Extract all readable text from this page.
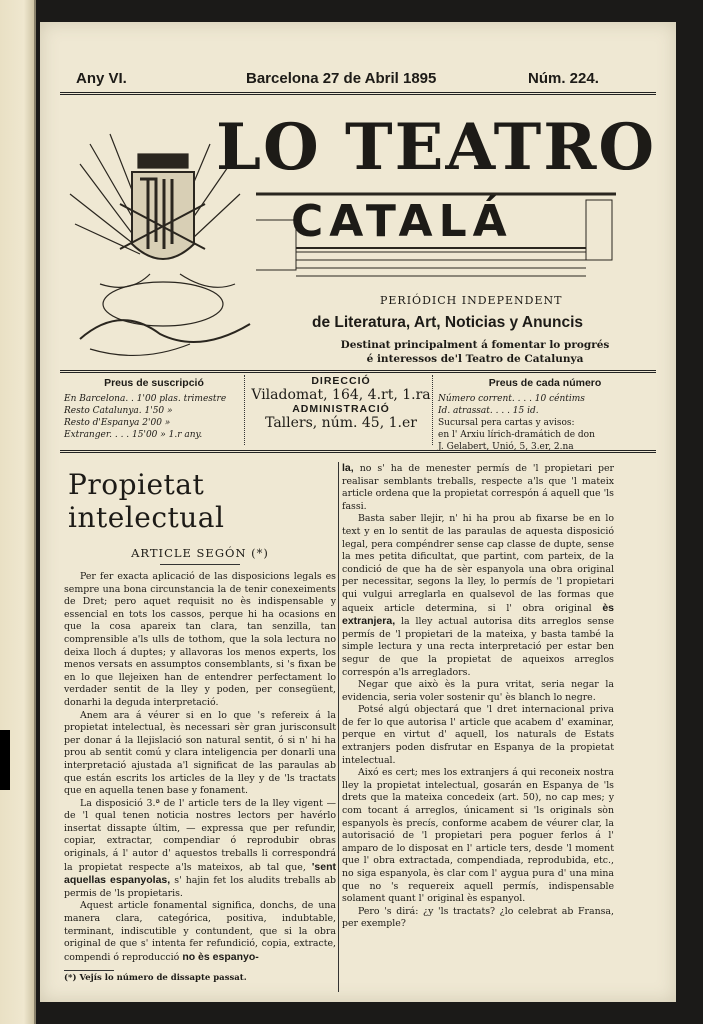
Any VI.	Barcelona 27 de Abril 1895	Núm. 224.
LO TEATRO
CATALÁ
PERIÓDICH INDEPENDENT
de Literatura, Art, Noticias y Anuncis
Destinat principalment á fomentar lo progrés é interessos de'l Teatro de Catalunya
Preus de suscripció
En Barcelona. . 1'00 plas. trimestre
Resto Catalunya. 1'50 »
Resto d'Espanya 2'00 »
Extranger. . . . 15'00 » 1.r any.
DIRECCIÓ
Viladomat, 164, 4.rt, 1.ra
ADMINISTRACIÓ
Tallers, núm. 45, 1.er
Preus de cada número
Número corrent. . . . 10 céntims
Id. atrassat. . . . 15 id.
Sucursal pera cartas y avisos:
en l' Arxiu lírich-dramátich de don
J. Gelabert, Unió, 5, 3.er, 2.na
Propietat intelectual
ARTICLE SEGÓN (*)

Per fer exacta aplicació de las disposicions legals es sempre una bona circunstancia la de tenir conexeiments de Dret; pero aquet requisit no ès indispensable y essencial en tots los cassos, perque hi ha ocasions en que la cosa apareix tan clara, tan senzilla, tan comprensible a'ls ulls de tothom, que la sola lectura no deixa lloch á duptes; y allavoras los menos experts, los menos versats en assumptos consemblants, si 's fixan be en lo que llejeixen han de entendrer perfectament lo verdader sentit de la lley y poden, per consegüent, donarhi la deguda interpretació.

Anem ara á véurer si en lo que 's refereix á la propietat intelectual, ès necessari sèr gran jurisconsult per donar á la llejislació son natural sentit, ó si n' hi ha prou ab sentit comú y clara inteligencia per donarli una interpretació ajustada a'l significat de las paraulas ab que están escrits los articles de la lley y de 'ls tractats que en aquella tenen base y fonament.

La disposició 3.ª de l' article ters de la lley vigent — de 'l qual tenen noticia nostres lectors per havérlo insertat dissapte últim, — expressa que per refundir, copiar, extractar, compendiar ó reprodubir obras originals, á l' autor d' aquestos treballs li correspondrá la propietat respecte a'ls mateixos, ab tal que, 'sent aquellas espanyolas, s' hajin fet los aludits treballs ab permis de 'ls propietaris.

Aquest article fonamental significa, donchs, de una manera clara, categórica, positiva, indubtable, terminant, indiscutible y contundent, que si la obra original de que s' intenta fer refundició, copia, extracte, compendi ó reproducció no ès espanyo-

(*) Vejís lo número de dissapte passat.

la, no s' ha de menester permís de 'l propietari per realisar semblants treballs, respecte a'ls que 'l mateix article ordena que la propietat correspón á aquell que 'ls fassi.

Basta saber llejir, n' hi ha prou ab fixarse be en lo text y en lo sentit de las paraulas de aquesta disposició legal, pera compéndrer sense cap classe de dupte, sense la mes petita dificultat, que partint, com parteix, de la condició de que ha de sèr espanyola una obra original per necessitar, segons la lley, lo permís de 'l propietari qui vulgui arreglarla en qualsevol de las formas que aqueix article determina, si l' obra original ès extranjera, la lley actual autorisa dits arreglos sense permís de 'l propietari de la mateixa, y basta també la simple lectura y una recta interpretació per estar ben segur de que la propietat de aqueixos arreglos correspón a'ls arregladors.

Negar que això ès la pura vritat, seria negar la evidencia, seria voler sostenir qu' ès blanch lo negre.

Potsé algú objectará que 'l dret internacional priva de fer lo que autorisa l' article que acabem d' examinar, perque en virtut d' aquell, los naturals de Estats extranjers poden disfrutar en Espanya de la propietat intelectual.

Aixó es cert; mes los extranjers á qui reconeix nostra lley la propietat intelectual, gosarán en Espanya de 'ls drets que la mateixa concedeix (art. 50), no cap mes; y com tocant á arreglos, únicament si 'ls originals sòn espanyols ès precís, conforme acabem de véurer clar, la autorisació de 'l propietari pera poguer ferlos á l' amparo de lo disposat en l' article ters, desde 'l moment que l' obra extractada, compendiada, reprodubida, etc., no siga espanyola, ès clar com l' aygua pura d' una mina que no 's requereix aquell permís, indispensable solament quant l' original ès espanyol.

Pero 's dirá: ¿y 'ls tractats? ¿lo celebrat ab Fransa, per exemple?
